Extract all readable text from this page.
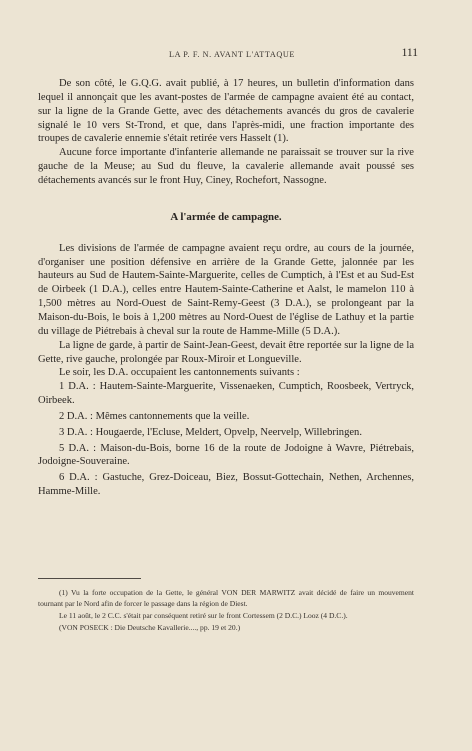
LA P. F. N. AVANT L'ATTAQUE	111

De son côté, le G.Q.G. avait publié, à 17 heures, un bulletin d'information dans lequel il annonçait que les avant-postes de l'armée de campagne avaient été au contact, sur la ligne de la Grande Gette, avec des détachements avancés du gros de cavalerie signalé le 10 vers St-Trond, et que, dans l'après-midi, une fraction importante des troupes de cavalerie ennemie s'était retirée vers Hasselt (1).

Aucune force importante d'infanterie allemande ne paraissait se trouver sur la rive gauche de la Meuse; au Sud du fleuve, la cavalerie allemande avait poussé ses détachements avancés sur le front Huy, Ciney, Rochefort, Nassogne.

A l'armée de campagne.

Les divisions de l'armée de campagne avaient reçu ordre, au cours de la journée, d'organiser une position défensive en arrière de la Grande Gette, jalonnée par les hauteurs au Sud de Hautem-Sainte-Marguerite, celles de Cumptich, à l'Est et au Sud-Est de Oirbeek (1 D.A.), celles entre Hautem-Sainte-Catherine et Aalst, le mamelon 110 à 1,500 mètres au Nord-Ouest de Saint-Remy-Geest (3 D.A.), se prolongeant par la Maison-du-Bois, le bois à 1,200 mètres au Nord-Ouest de l'église de Lathuy et la partie du village de Piétrebais à cheval sur la route de Hamme-Mille (5 D.A.).

La ligne de garde, à partir de Saint-Jean-Geest, devait être reportée sur la ligne de la Gette, rive gauche, prolongée par Roux-Miroir et Longueville.

Le soir, les D.A. occupaient les cantonnements suivants :

1 D.A. : Hautem-Sainte-Marguerite, Vissenaeken, Cumptich, Roosbeek, Vertryck, Oirbeek.

2 D.A. : Mêmes cantonnements que la veille.

3 D.A. : Hougaerde, l'Ecluse, Meldert, Opvelp, Neervelp, Willebringen.

5 D.A. : Maison-du-Bois, borne 16 de la route de Jodoigne à Wavre, Piétrebais, Jodoigne-Souveraine.

6 D.A. : Gastuche, Grez-Doiceau, Biez, Bossut-Gottechain, Nethen, Archennes, Hamme-Mille.

(1) Vu la forte occupation de la Gette, le général VON DER MARWITZ avait décidé de faire un mouvement tournant par le Nord afin de forcer le passage dans la région de Diest.

Le 11 août, le 2 C.C. s'était par conséquent retiré sur le front Cortessem (2 D.C.) Looz (4 D.C.).

(VON POSECK : Die Deutsche Kavallerie...., pp. 19 et 20.)
